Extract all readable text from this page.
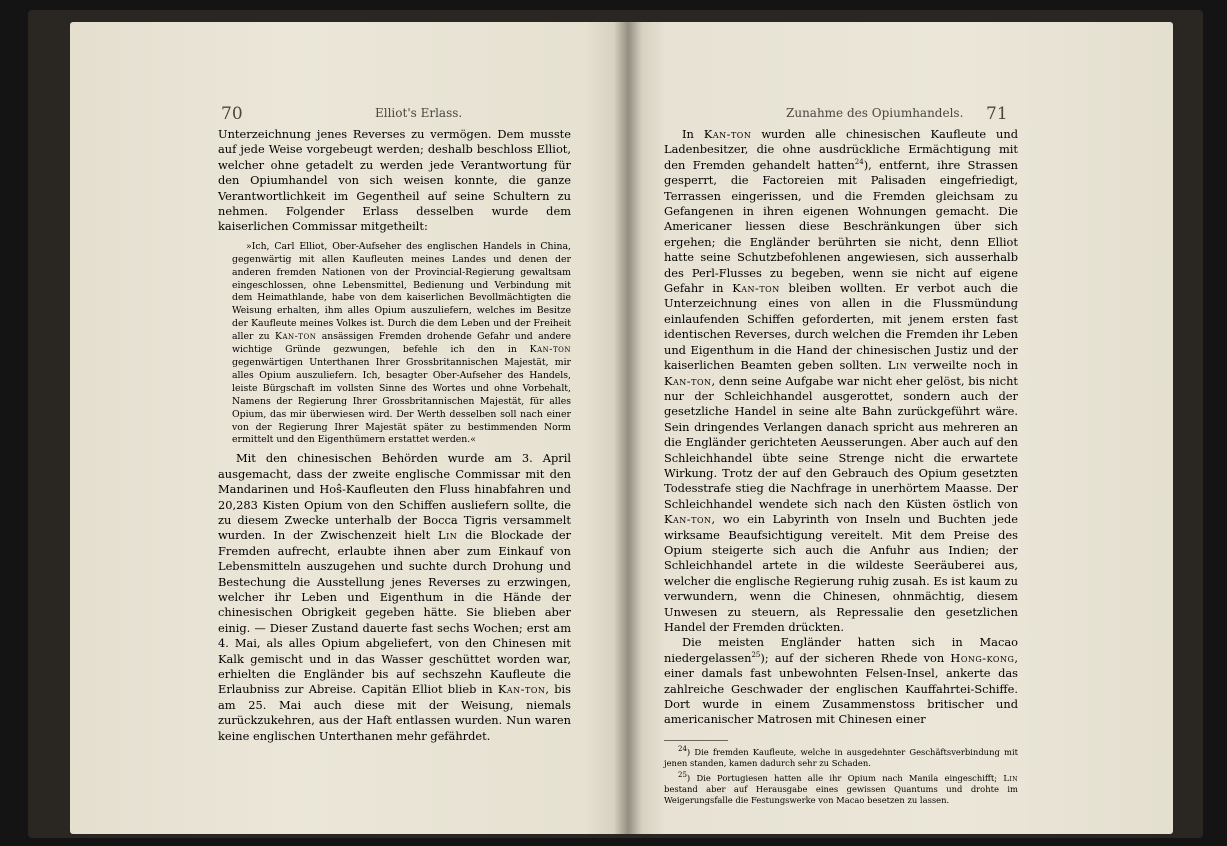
70	Elliot's Erlass.

Unterzeichnung jenes Reverses zu vermögen. Dem musste auf jede Weise vorgebeugt werden; deshalb beschloss Elliot, welcher ohne getadelt zu werden jede Verantwortung für den Opiumhandel von sich weisen konnte, die ganze Verantwortlichkeit im Gegentheil auf seine Schultern zu nehmen. Folgender Erlass desselben wurde dem kaiserlichen Commissar mitgetheilt:

»Ich, Carl Elliot, Ober-Aufseher des englischen Handels in China, gegenwärtig mit allen Kaufleuten meines Landes und denen der anderen fremden Nationen von der Provincial-Regierung gewaltsam eingeschlossen, ohne Lebensmittel, Bedienung und Verbindung mit dem Heimathlande, habe von dem kaiserlichen Bevollmächtigten die Weisung erhalten, ihm alles Opium auszuliefern, welches im Besitze der Kaufleute meines Volkes ist. Durch die dem Leben und der Freiheit aller zu Kan-ton ansässigen Fremden drohende Gefahr und andere wichtige Gründe gezwungen, befehle ich den in Kan-ton gegenwärtigen Unterthanen Ihrer Grossbritannischen Majestät, mir alles Opium auszuliefern. Ich, besagter Ober-Aufseher des Handels, leiste Bürgschaft im vollsten Sinne des Wortes und ohne Vorbehalt, Namens der Regierung Ihrer Grossbritannischen Majestät, für alles Opium, das mir überwiesen wird. Der Werth desselben soll nach einer von der Regierung Ihrer Majestät später zu bestimmenden Norm ermittelt und den Eigenthümern erstattet werden.«

Mit den chinesischen Behörden wurde am 3. April ausgemacht, dass der zweite englische Commissar mit den Mandarinen und Hoŝ-Kaufleuten den Fluss hinabfahren und 20,283 Kisten Opium von den Schiffen ausliefern sollte, die zu diesem Zwecke unterhalb der Bocca Tigris versammelt wurden. In der Zwischenzeit hielt Lin die Blockade der Fremden aufrecht, erlaubte ihnen aber zum Einkauf von Lebensmitteln auszugehen und suchte durch Drohung und Bestechung die Ausstellung jenes Reverses zu erzwingen, welcher ihr Leben und Eigenthum in die Hände der chinesischen Obrigkeit gegeben hätte. Sie blieben aber einig. — Dieser Zustand dauerte fast sechs Wochen; erst am 4. Mai, als alles Opium abgeliefert, von den Chinesen mit Kalk gemischt und in das Wasser geschüttet worden war, erhielten die Engländer bis auf sechszehn Kaufleute die Erlaubniss zur Abreise. Capitän Elliot blieb in Kan-ton, bis am 25. Mai auch diese mit der Weisung, niemals zurückzukehren, aus der Haft entlassen wurden. Nun waren keine englischen Unterthanen mehr gefährdet.

Zunahme des Opiumhandels. 71

In Kan-ton wurden alle chinesischen Kaufleute und Ladenbesitzer, die ohne ausdrückliche Ermächtigung mit den Fremden gehandelt hatten$^{24}$), entfernt, ihre Strassen gesperrt, die Factoreien mit Palisaden eingefriedigt, Terrassen eingerissen, und die Fremden gleichsam zu Gefangenen in ihren eigenen Wohnungen gemacht. Die Americaner liessen diese Beschränkungen über sich ergehen; die Engländer berührten sie nicht, denn Elliot hatte seine Schutzbefohlenen angewiesen, sich ausserhalb des Perl-Flusses zu begeben, wenn sie nicht auf eigene Gefahr in Kan-ton bleiben wollten. Er verbot auch die Unterzeichnung eines von allen in die Flussmündung einlaufenden Schiffen geforderten, mit jenem ersten fast identischen Reverses, durch welchen die Fremden ihr Leben und Eigenthum in die Hand der chinesischen Justiz und der kaiserlichen Beamten geben sollten. Lin verweilte noch in Kan-ton, denn seine Aufgabe war nicht eher gelöst, bis nicht nur der Schleichhandel ausgerottet, sondern auch der gesetzliche Handel in seine alte Bahn zurückgeführt wäre. Sein dringendes Verlangen danach spricht aus mehreren an die Engländer gerichteten Aeusserungen. Aber auch auf den Schleichhandel übte seine Strenge nicht die erwartete Wirkung. Trotz der auf den Gebrauch des Opium gesetzten Todesstrafe stieg die Nachfrage in unerhörtem Maasse. Der Schleichhandel wendete sich nach den Küsten östlich von Kan-ton, wo ein Labyrinth von Inseln und Buchten jede wirksame Beaufsichtigung vereitelt. Mit dem Preise des Opium steigerte sich auch die Anfuhr aus Indien; der Schleichhandel artete in die wildeste Seeräuberei aus, welcher die englische Regierung ruhig zusah. Es ist kaum zu verwundern, wenn die Chinesen, ohnmächtig, diesem Unwesen zu steuern, als Repressalie den gesetzlichen Handel der Fremden drückten.

Die meisten Engländer hatten sich in Macao niedergelassen$^{25}$); auf der sicheren Rhede von Hong-kong, einer damals fast unbewohnten Felsen-Insel, ankerte das zahlreiche Geschwader der englischen Kauffahrtei-Schiffe. Dort wurde in einem Zusammenstoss britischer und americanischer Matrosen mit Chinesen einer

$^{24}$) Die fremden Kaufleute, welche in ausgedehnter Geschäftsverbindung mit jenen standen, kamen dadurch sehr zu Schaden.

$^{25}$) Die Portugiesen hatten alle ihr Opium nach Manila eingeschifft; Lin bestand aber auf Herausgabe eines gewissen Quantums und drohte im Weigerungsfalle die Festungswerke von Macao besetzen zu lassen.
